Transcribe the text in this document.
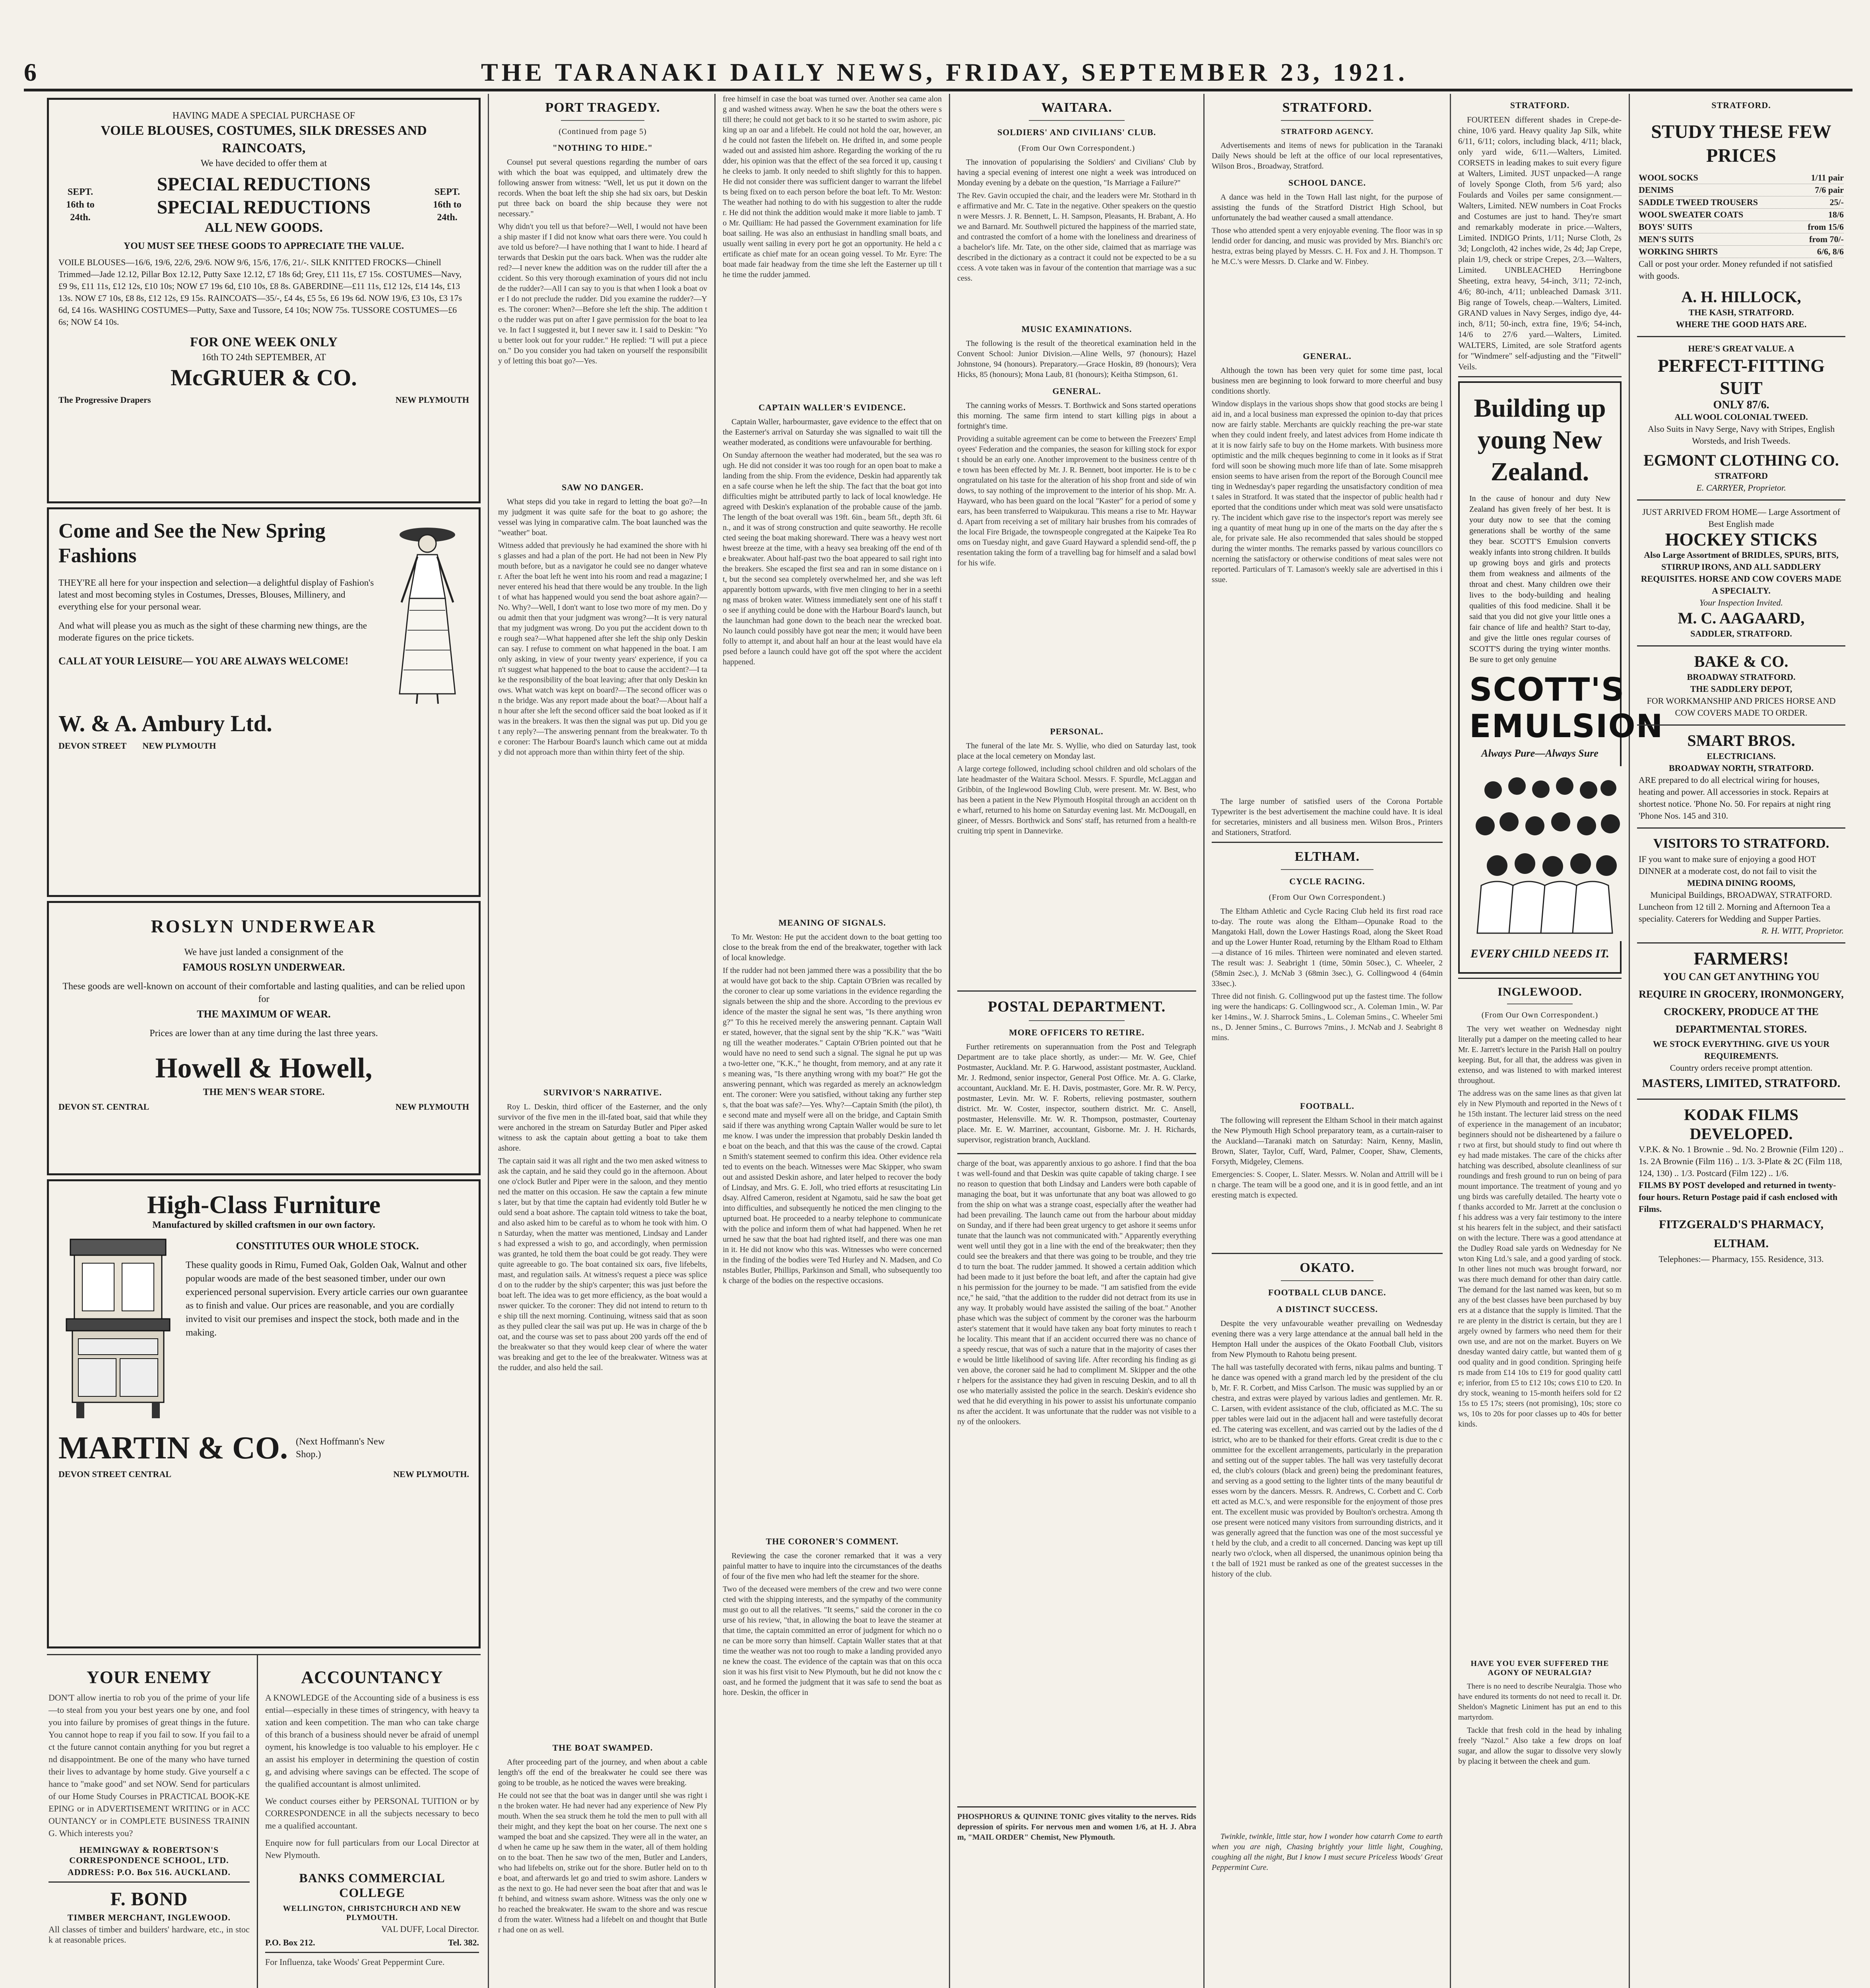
6	THE TARANAKI DAILY NEWS, FRIDAY, SEPTEMBER 23, 1921.
HAVING MADE A SPECIAL PURCHASE OF
VOILE BLOUSES, COSTUMES, SILK DRESSES AND RAINCOATS,
We have decided to offer them at
SEPT. 16th to 24th.
SPECIAL REDUCTIONS
SPECIAL REDUCTIONS
ALL NEW GOODS.
SEPT. 16th to 24th.
YOU MUST SEE THESE GOODS TO APPRECIATE THE VALUE.
VOILE BLOUSES—16/6, 19/6, 22/6, 29/6. NOW 9/6, 15/6, 17/6, 21/-. SILK KNITTED FROCKS—Chinell Trimmed—Jade 12.12, Pillar Box 12.12, Putty Saxe 12.12, £7 18s 6d; Grey, £11 11s, £7 15s. COSTUMES—Navy, £9 9s, £11 11s, £12 12s, £10 10s; NOW £7 19s 6d, £10 10s, £8 8s. GABERDINE—£11 11s, £12 12s, £14 14s, £13 13s. NOW £7 10s, £8 8s, £12 12s, £9 15s. RAINCOATS—35/-, £4 4s, £5 5s, £6 19s 6d. NOW 19/6, £3 10s, £3 17s 6d, £4 16s. WASHING COSTUMES—Putty, Saxe and Tussore, £4 10s; NOW 75s. TUSSORE COSTUMES—£6 6s; NOW £4 10s.
FOR ONE WEEK ONLY
16th TO 24th SEPTEMBER, AT
McGRUER & CO.
The Progressive Drapers	NEW PLYMOUTH
Come and See the New Spring Fashions
THEY'RE all here for your inspection and selection—a delightful display of Fashion's latest and most becoming styles in Costumes, Dresses, Blouses, Millinery, and everything else for your personal wear.
And what will please you as much as the sight of these charming new things, are the moderate figures on the price tickets.
CALL AT YOUR LEISURE— YOU ARE ALWAYS WELCOME!
W. & A. Ambury Ltd.
DEVON STREET NEW PLYMOUTH
ROSLYN UNDERWEAR
We have just landed a consignment of the
FAMOUS ROSLYN UNDERWEAR.
These goods are well-known on account of their comfortable and lasting qualities, and can be relied upon for
THE MAXIMUM OF WEAR.
Prices are lower than at any time during the last three years.
Howell & Howell,
THE MEN'S WEAR STORE.
DEVON ST. CENTRAL	NEW PLYMOUTH
High-Class Furniture
Manufactured by skilled craftsmen in our own factory.
CONSTITUTES OUR WHOLE STOCK.
These quality goods in Rimu, Fumed Oak, Golden Oak, Walnut and other popular woods are made of the best seasoned timber, under our own experienced personal supervision. Every article carries our own guarantee as to finish and value. Our prices are reasonable, and you are cordially invited to visit our premises and inspect the stock, both made and in the making.
MARTIN & CO. (Next Hoffmann's New Shop.)
DEVON STREET CENTRAL	NEW PLYMOUTH.
YOUR ENEMY
DON'T allow inertia to rob you of the prime of your life—to steal from you your best years one by one, and fool you into failure by promises of great things in the future. You cannot hope to reap if you fail to sow. If you fail to act the future cannot contain anything for you but regret and disappointment. Be one of the many who have turned their lives to advantage by home study. Give yourself a chance to "make good" and set NOW. Send for particulars of our Home Study Courses in PRACTICAL BOOK-KEEPING or in ADVERTISEMENT WRITING or in ACCOUNTANCY or in COMPLETE BUSINESS TRAINING. Which interests you?
HEMINGWAY & ROBERTSON'S CORRESPONDENCE SCHOOL, LTD.
ADDRESS: P.O. Box 516. AUCKLAND.
F. BOND
TIMBER MERCHANT, INGLEWOOD.
All classes of timber and builders' hardware, etc., in stock at reasonable prices.
ACCOUNTANCY
A KNOWLEDGE of the Accounting side of a business is essential—especially in these times of stringency, with heavy taxation and keen competition. The man who can take charge of this branch of a business should never be afraid of unemployment, his knowledge is too valuable to his employer. He can assist his employer in determining the question of costing, and advising where savings can be effected. The scope of the qualified accountant is almost unlimited.
We conduct courses either by PERSONAL TUITION or by CORRESPONDENCE in all the subjects necessary to become a qualified accountant.
Enquire now for full particulars from our Local Director at New Plymouth.
BANKS COMMERCIAL COLLEGE
WELLINGTON, CHRISTCHURCH AND NEW PLYMOUTH.
VAL DUFF, Local Director.
P.O. Box 212.	Tel. 382.
For Influenza, take Woods' Great Peppermint Cure.
PORT TRAGEDY.
(Continued from page 5)
"NOTHING TO HIDE."

Counsel put several questions regarding the number of oars with which the boat was equipped, and ultimately drew the following answer from witness: "Well, let us put it down on the records. When the boat left the ship she had six oars, but Deskin put three back on board the ship because they were not necessary."

Why didn't you tell us that before?—Well, I would not have been a ship master if I did not know what oars there were. You could have told us before?—I have nothing that I want to hide. I heard afterwards that Deskin put the oars back. When was the rudder altered?—I never knew the addition was on the rudder till after the accident. So this very thorough examination of yours did not include the rudder?—All I can say to you is that when I look a boat over I do not preclude the rudder. Did you examine the rudder?—Yes. The coroner: When?—Before she left the ship. The addition to the rudder was put on after I gave permission for the boat to leave. In fact I suggested it, but I never saw it. I said to Deskin: "You better look out for your rudder." He replied: "I will put a piece on." Do you consider you had taken on yourself the responsibility of letting this boat go?—Yes.
SAW NO DANGER.

What steps did you take in regard to letting the boat go?—In my judgment it was quite safe for the boat to go ashore; the vessel was lying in comparative calm. The boat launched was the "weather" boat.

Witness added that previously he had examined the shore with his glasses and had a plan of the port. He had not been in New Plymouth before, but as a navigator he could see no danger whatever. After the boat left he went into his room and read a magazine; I never entered his head that there would be any trouble. In the light of what has happened would you send the boat ashore again?—No. Why?—Well, I don't want to lose two more of my men. Do you admit then that your judgment was wrong?—It is very natural that my judgment was wrong. Do you put the accident down to the rough sea?—What happened after she left the ship only Deskin can say. I refuse to comment on what happened in the boat. I am only asking, in view of your twenty years' experience, if you can't suggest what happened to the boat to cause the accident?—I take the responsibility of the boat leaving; after that only Deskin knows. What watch was kept on board?—The second officer was on the bridge. Was any report made about the boat?—About half an hour after she left the second officer said the boat looked as if it was in the breakers. It was then the signal was put up. Did you get any reply?—The answering pennant from the breakwater. To the coroner: The Harbour Board's launch which came out at midday did not approach more than within thirty feet of the ship.
SURVIVOR'S NARRATIVE.

Roy L. Deskin, third officer of the Easterner, and the only survivor of the five men in the ill-fated boat, said that while they were anchored in the stream on Saturday Butler and Piper asked witness to ask the captain about getting a boat to take them ashore.

The captain said it was all right and the two men asked witness to ask the captain, and he said they could go in the afternoon. About one o'clock Butler and Piper were in the saloon, and they mentioned the matter on this occasion. He saw the captain a few minutes later, but by that time the captain had evidently told Butler he would send a boat ashore. The captain told witness to take the boat, and also asked him to be careful as to whom he took with him. On Saturday, when the matter was mentioned, Lindsay and Landers had expressed a wish to go, and accordingly, when permission was granted, he told them the boat could be got ready. They were quite agreeable to go. The boat contained six oars, five lifebelts, mast, and regulation sails. At witness's request a piece was spliced on to the rudder by the ship's carpenter; this was just before the boat left. The idea was to get more efficiency, as the boat would answer quicker. To the coroner: They did not intend to return to the ship till the next morning. Continuing, witness said that as soon as they pulled clear the sail was put up. He was in charge of the boat, and the course was set to pass about 200 yards off the end of the breakwater so that they would keep clear of where the water was breaking and get to the lee of the breakwater. Witness was at the rudder, and also held the sail.
THE BOAT SWAMPED.

After proceeding part of the journey, and when about a cable length's off the end of the breakwater he could see there was going to be trouble, as he noticed the waves were breaking.

He could not see that the boat was in danger until she was right in the broken water. He had never had any experience of New Plymouth. When the sea struck them he told the men to pull with all their might, and they kept the boat on her course. The next one swamped the boat and she capsized. They were all in the water, and when he came up he saw them in the water, all of them holding on to the boat. Then he saw two of the men, Butler and Landers, who had lifebelts on, strike out for the shore. Butler held on to the boat, and afterwards let go and tried to swim ashore. Landers was the next to go. He had never seen the boat after that and was left behind, and witness swam ashore. Witness was the only one who reached the breakwater. He swam to the shore and was rescued from the water. Witness had a lifebelt on and thought that Butler had one on as well.
free himself in case the boat was turned over. Another sea came along and washed witness away. When he saw the boat the others were still there; he could not get back to it so he started to swim ashore, picking up an oar and a lifebelt. He could not hold the oar, however, and he could not fasten the lifebelt on. He drifted in, and some people waded out and assisted him ashore. Regarding the working of the rudder, his opinion was that the effect of the sea forced it up, causing the cleeks to jamb. It only needed to shift slightly for this to happen. He did not consider there was sufficient danger to warrant the lifebelts being fixed on to each person before the boat left. To Mr. Weston: The weather had nothing to do with his suggestion to alter the rudder. He did not think the addition would make it more liable to jamb. To Mr. Quilliam: He had passed the Government examination for lifeboat sailing. He was also an enthusiast in handling small boats, and usually went sailing in every port he got an opportunity. He held a certificate as chief mate for an ocean going vessel. To Mr. Eyre: The boat made fair headway from the time she left the Easterner up till the time the rudder jammed.
CAPTAIN WALLER'S EVIDENCE.

Captain Waller, harbourmaster, gave evidence to the effect that on the Easterner's arrival on Saturday she was signalled to wait till the weather moderated, as conditions were unfavourable for berthing.

On Sunday afternoon the weather had moderated, but the sea was rough. He did not consider it was too rough for an open boat to make a landing from the ship. From the evidence, Deskin had apparently taken a safe course when he left the ship. The fact that the boat got into difficulties might be attributed partly to lack of local knowledge. He agreed with Deskin's explanation of the probable cause of the jamb. The length of the boat overall was 19ft. 6in., beam 5ft., depth 3ft. 6in., and it was of strong construction and quite seaworthy. He recollected seeing the boat making shoreward. There was a heavy west northwest breeze at the time, with a heavy sea breaking off the end of the breakwater. About half-past two the boat appeared to sail right into the breakers. She escaped the first sea and ran in some distance on it, but the second sea completely overwhelmed her, and she was left apparently bottom upwards, with five men clinging to her in a seething mass of broken water. Witness immediately sent one of his staff to see if anything could be done with the Harbour Board's launch, but the launchman had gone down to the beach near the wrecked boat. No launch could possibly have got near the men; it would have been folly to attempt it, and about half an hour at the least would have elapsed before a launch could have got off the spot where the accident happened.
MEANING OF SIGNALS.

To Mr. Weston: He put the accident down to the boat getting too close to the break from the end of the breakwater, together with lack of local knowledge.

If the rudder had not been jammed there was a possibility that the boat would have got back to the ship. Captain O'Brien was recalled by the coroner to clear up some variations in the evidence regarding the signals between the ship and the shore. According to the previous evidence of the master the signal he sent was, "Is there anything wrong?" To this he received merely the answering pennant. Captain Waller stated, however, that the signal sent by the ship "K.K." was "Waiting till the weather moderates." Captain O'Brien pointed out that he would have no need to send such a signal. The signal he put up was a two-letter one, "K.K.," he thought, from memory, and at any rate its meaning was, "Is there anything wrong with my boat?" He got the answering pennant, which was regarded as merely an acknowledgment. The coroner: Were you satisfied, without taking any further steps, that the boat was safe?—Yes. Why?—Captain Smith (the pilot), the second mate and myself were all on the bridge, and Captain Smith said if there was anything wrong Captain Waller would be sure to let me know. I was under the impression that probably Deskin landed the boat on the beach, and that this was the cause of the crowd. Captain Smith's statement seemed to confirm this idea. Other evidence related to events on the beach. Witnesses were Mac Skipper, who swam out and assisted Deskin ashore, and later helped to recover the body of Lindsay, and Mrs. G. E. Joll, who tried efforts at resuscitating Lindsay. Alfred Cameron, resident at Ngamotu, said he saw the boat get into difficulties, and subsequently he noticed the men clinging to the upturned boat. He proceeded to a nearby telephone to communicate with the police and inform them of what had happened. When he returned he saw that the boat had righted itself, and there was one man in it. He did not know who this was. Witnesses who were concerned in the finding of the bodies were Ted Hurley and N. Madsen, and Constables Butler, Phillips, Parkinson and Small, who subsequently took charge of the bodies on the respective occasions.
THE CORONER'S COMMENT.

Reviewing the case the coroner remarked that it was a very painful matter to have to inquire into the circumstances of the deaths of four of the five men who had left the steamer for the shore.

Two of the deceased were members of the crew and two were connected with the shipping interests, and the sympathy of the community must go out to all the relatives. "It seems," said the coroner in the course of his review, "that, in allowing the boat to leave the steamer at that time, the captain committed an error of judgment for which no one can be more sorry than himself. Captain Waller states that at that time the weather was not too rough to make a landing provided anyone knew the coast. The evidence of the captain was that on this occasion it was his first visit to New Plymouth, but he did not know the coast, and he formed the judgment that it was safe to send the boat ashore. Deskin, the officer in
WAITARA.
SOLDIERS' AND CIVILIANS' CLUB.
(From Our Own Correspondent.)

The innovation of popularising the Soldiers' and Civilians' Club by having a special evening of interest one night a week was introduced on Monday evening by a debate on the question, "Is Marriage a Failure?"

The Rev. Gavin occupied the chair, and the leaders were Mr. Stothard in the affirmative and Mr. C. Tate in the negative. Other speakers on the question were Messrs. J. R. Bennett, L. H. Sampson, Pleasants, H. Brabant, A. Howe and Barnard. Mr. Southwell pictured the happiness of the married state, and contrasted the comfort of a home with the loneliness and dreariness of a bachelor's life. Mr. Tate, on the other side, claimed that as marriage was described in the dictionary as a contract it could not be expected to be a success. A vote taken was in favour of the contention that marriage was a success.
MUSIC EXAMINATIONS.

The following is the result of the theoretical examination held in the Convent School: Junior Division.—Aline Wells, 97 (honours); Hazel Johnstone, 94 (honours). Preparatory.—Grace Hoskin, 89 (honours); Vera Hicks, 85 (honours); Mona Laub, 81 (honours); Keitha Stimpson, 61.

GENERAL.

The canning works of Messrs. T. Borthwick and Sons started operations this morning. The same firm intend to start killing pigs in about a fortnight's time.

Providing a suitable agreement can be come to between the Freezers' Employees' Federation and the companies, the season for killing stock for export should be an early one. Another improvement to the business centre of the town has been effected by Mr. J. R. Bennett, boot importer. He is to be congratulated on his taste for the alteration of his shop front and side of windows, to say nothing of the improvement to the interior of his shop. Mr. A. Hayward, who has been guard on the local "Kaster" for a period of some years, has been transferred to Waipukurau. This means a rise to Mr. Hayward. Apart from receiving a set of military hair brushes from his comrades of the local Fire Brigade, the townspeople congregated at the Kaipeke Tea Rooms on Tuesday night, and gave Guard Hayward a splendid send-off, the presentation taking the form of a travelling bag for himself and a salad bowl for his wife.
PERSONAL.

The funeral of the late Mr. S. Wyllie, who died on Saturday last, took place at the local cemetery on Monday last.

A large cortege followed, including school children and old scholars of the late headmaster of the Waitara School. Messrs. F. Spurdle, McLaggan and Gribbin, of the Inglewood Bowling Club, were present. Mr. W. Best, who has been a patient in the New Plymouth Hospital through an accident on the wharf, returned to his home on Saturday evening last. Mr. McDougall, engineer, of Messrs. Borthwick and Sons' staff, has returned from a health-recruiting trip spent in Dannevirke.
POSTAL DEPARTMENT.
MORE OFFICERS TO RETIRE.

Further retirements on superannuation from the Post and Telegraph Department are to take place shortly, as under:— Mr. W. Gee, Chief Postmaster, Auckland. Mr. P. G. Harwood, assistant postmaster, Auckland. Mr. J. Redmond, senior inspector, General Post Office. Mr. A. G. Clarke, accountant, Auckland. Mr. E. H. Davis, postmaster, Gore. Mr. R. W. Percy, postmaster, Levin. Mr. W. F. Roberts, relieving postmaster, southern district. Mr. W. Coster, inspector, southern district. Mr. C. Ansell, postmaster, Helensville. Mr. W. R. Thompson, postmaster, Courtenay place. Mr. E. W. Marriner, accountant, Gisborne. Mr. J. H. Richards, supervisor, registration branch, Auckland.

charge of the boat, was apparently anxious to go ashore. I find that the boat was well-found and that Deskin was quite capable of taking charge. I see no reason to question that both Lindsay and Landers were both capable of managing the boat, but it was unfortunate that any boat was allowed to go from the ship on what was a strange coast, especially after the weather had had been prevailing. The launch came out from the harbour about midday on Sunday, and if there had been great urgency to get ashore it seems unfortunate that the launch was not communicated with." Apparently everything went well until they got in a line with the end of the breakwater; then they could see the breakers and that there was going to be trouble, and they tried to turn the boat. The rudder jammed. It showed a certain addition which had been made to it just before the boat left, and after the captain had given his permission for the journey to be made. "I am satisfied from the evidence," he said, "that the addition to the rudder did not detract from its use in any way. It probably would have assisted the sailing of the boat." Another phase which was the subject of comment by the coroner was the harbourmaster's statement that it would have taken any boat forty minutes to reach the locality. This meant that if an accident occurred there was no chance of a speedy rescue, that was of such a nature that in the majority of cases there would be little likelihood of saving life. After recording his finding as given above, the coroner said he had to compliment M. Skipper and the other helpers for the assistance they had given in rescuing Deskin, and to all those who materially assisted the police in the search. Deskin's evidence showed that he did everything in his power to assist his unfortunate companions after the accident. It was unfortunate that the rudder was not visible to any of the onlookers.
PHOSPHORUS & QUININE TONIC gives vitality to the nerves. Rids depression of spirits. For nervous men and women 1/6, at H. J. Abram, "MAIL ORDER" Chemist, New Plymouth.
STRATFORD.
STRATFORD AGENCY.

Advertisements and items of news for publication in the Taranaki Daily News should be left at the office of our local representatives, Wilson Bros., Broadway, Stratford.

SCHOOL DANCE.

A dance was held in the Town Hall last night, for the purpose of assisting the funds of the Stratford District High School, but unfortunately the bad weather caused a small attendance.

Those who attended spent a very enjoyable evening. The floor was in splendid order for dancing, and music was provided by Mrs. Bianchi's orchestra, extras being played by Messrs. C. H. Fox and J. H. Thompson. The M.C.'s were Messrs. D. Clarke and W. Finbey.
GENERAL.

Although the town has been very quiet for some time past, local business men are beginning to look forward to more cheerful and busy conditions shortly.

Window displays in the various shops show that good stocks are being laid in, and a local business man expressed the opinion to-day that prices now are fairly stable. Merchants are quickly reaching the pre-war state when they could indent freely, and latest advices from Home indicate that it is now fairly safe to buy on the Home markets. With business more optimistic and the milk cheques beginning to come in it looks as if Stratford will soon be showing much more life than of late. Some misapprehension seems to have arisen from the report of the Borough Council meeting in Wednesday's paper regarding the unsatisfactory condition of meat sales in Stratford. It was stated that the inspector of public health had reported that the conditions under which meat was sold were unsatisfactory. The incident which gave rise to the inspector's report was merely seeing a quantity of meat hung up in one of the marts on the day after the sale, for private sale. He also recommended that sales should be stopped during the winter months. The remarks passed by various councillors concerning the satisfactory or otherwise conditions of meat sales were not reported. Particulars of T. Lamason's weekly sale are advertised in this issue.

The large number of satisfied users of the Corona Portable Typewriter is the best advertisement the machine could have. It is ideal for secretaries, ministers and all business men. Wilson Bros., Printers and Stationers, Stratford.

ELTHAM.
CYCLE RACING.
(From Our Own Correspondent.)

The Eltham Athletic and Cycle Racing Club held its first road race to-day. The route was along the Eltham—Opunake Road to the Mangatoki Hall, down the Lower Hastings Road, along the Skeet Road and up the Lower Hunter Road, returning by the Eltham Road to Eltham—a distance of 16 miles. Thirteen were nominated and eleven started. The result was: J. Seabright 1 (time, 50min 50sec.), C. Wheeler, 2 (58min 2sec.), J. McNab 3 (68min 3sec.), G. Collingwood 4 (64min 33sec.).

Three did not finish. G. Collingwood put up the fastest time. The following were the handicaps: G. Collingwood scr., A. Coleman 1min., W. Parker 14mins., W. J. Sharrock 5mins., L. Coleman 5mins., C. Wheeler 5mins., D. Jenner 5mins., C. Burrows 7mins., J. McNab and J. Seabright 8mins.
FOOTBALL.

The following will represent the Eltham School in their match against the New Plymouth High School preparatory team, as a curtain-raiser to the Auckland—Taranaki match on Saturday: Nairn, Kenny, Maslin, Brown, Slater, Taylor, Cuff, Ward, Palmer, Cooper, Shaw, Clements, Forsyth, Midgeley, Clemens.

Emergencies: S. Cooper, L. Slater. Messrs. W. Nolan and Attrill will be in charge. The team will be a good one, and it is in good fettle, and an interesting match is expected.
OKATO.
FOOTBALL CLUB DANCE.
A DISTINCT SUCCESS.

Despite the very unfavourable weather prevailing on Wednesday evening there was a very large attendance at the annual ball held in the Hempton Hall under the auspices of the Okato Football Club, visitors from New Plymouth to Rahotu being present.

The hall was tastefully decorated with ferns, nikau palms and bunting. The dance was opened with a grand march led by the president of the club, Mr. F. R. Corbett, and Miss Carlson. The music was supplied by an orchestra, and extras were played by various ladies and gentlemen. Mr. R. C. Larsen, with evident assistance of the club, officiated as M.C. The supper tables were laid out in the adjacent hall and were tastefully decorated. The catering was excellent, and was carried out by the ladies of the district, who are to be thanked for their efforts. Great credit is due to the committee for the excellent arrangements, particularly in the preparation and setting out of the supper tables. The hall was very tastefully decorated, the club's colours (black and green) being the predominant features, and serving as a good setting to the lighter tints of the many beautiful dresses worn by the dancers. Messrs. R. Andrews, C. Corbett and C. Corbett acted as M.C.'s, and were responsible for the enjoyment of those present. The excellent music was provided by Boulton's orchestra. Among those present were noticed many visitors from surrounding districts, and it was generally agreed that the function was one of the most successful yet held by the club, and a credit to all concerned. Dancing was kept up till nearly two o'clock, when all dispersed, the unanimous opinion being that the ball of 1921 must be ranked as one of the greatest successes in the history of the club.

Twinkle, twinkle, little star, how I wonder how catarrh Come to earth when you are nigh, Chasing brightly your little light, Coughing, coughing all the night, But I know I must secure Priceless Woods' Great Peppermint Cure.

STRATFORD.

FOURTEEN different shades in Crepe-de-chine, 10/6 yard. Heavy quality Jap Silk, white 6/11, 6/11; colors, including black, 4/11; black, only yard wide, 6/11.—Walters, Limited. CORSETS in leading makes to suit every figure at Walters, Limited. JUST unpacked—A range of lovely Sponge Cloth, from 5/6 yard; also Foulards and Voiles per same consignment.—Walters, Limited. NEW numbers in Coat Frocks and Costumes are just to hand. They're smart and remarkably moderate in price.—Walters, Limited. INDIGO Prints, 1/11; Nurse Cloth, 2s 3d; Longcloth, 42 inches wide, 2s 4d; Jap Crepe, plain 1/9, check or stripe Crepes, 2/3.—Walters, Limited. UNBLEACHED Herringbone Sheeting, extra heavy, 54-inch, 3/11; 72-inch, 4/6; 80-inch, 4/11; unbleached Damask 3/11. Big range of Towels, cheap.—Walters, Limited. GRAND values in Navy Serges, indigo dye, 44-inch, 8/11; 50-inch, extra fine, 19/6; 54-inch, 14/6 to 27/6 yard.—Walters, Limited. WALTERS, Limited, are sole Stratford agents for "Windmere" self-adjusting and the "Fitwell" Veils.

Building up young New Zealand.
In the cause of honour and duty New Zealand has given freely of her best. It is your duty now to see that the coming generations shall be worthy of the same they bear. SCOTT'S Emulsion converts weakly infants into strong children. It builds up growing boys and girls and protects them from weakness and ailments of the throat and chest. Many children owe their lives to the body-building and healing qualities of this food medicine. Shall it be said that you did not give your little ones a fair chance of life and health? Start to-day, and give the little ones regular courses of SCOTT'S during the trying winter months. Be sure to get only genuine
SCOTT'S
EMULSION
Always Pure—Always Sure
EVERY CHILD NEEDS IT.
INGLEWOOD.
(From Our Own Correspondent.)

The very wet weather on Wednesday night literally put a damper on the meeting called to hear Mr. E. Jarrett's lecture in the Parish Hall on poultry keeping. But, for all that, the address was given in extenso, and was listened to with marked interest throughout.

The address was on the same lines as that given lately in New Plymouth and reported in the News of the 15th instant. The lecturer laid stress on the need of experience in the management of an incubator; beginners should not be disheartened by a failure or two at first, but should study to find out where they had made mistakes. The care of the chicks after hatching was described, absolute cleanliness of surroundings and fresh ground to run on being of paramount importance. The treatment of young and young birds was carefully detailed. The hearty vote of thanks accorded to Mr. Jarrett at the conclusion of his address was a very fair testimony to the interest his hearers felt in the subject, and their satisfaction with the lecture. There was a good attendance at the Dudley Road sale yards on Wednesday for Newton King Ltd.'s sale, and a good yarding of stock. In other lines not much was brought forward, nor was there much demand for other than dairy cattle. The demand for the last named was keen, but so many of the best classes have been purchased by buyers at a distance that the supply is limited. That there are plenty in the district is certain, but they are largely owned by farmers who need them for their own use, and are not on the market. Buyers on Wednesday wanted dairy cattle, but wanted them of good quality and in good condition. Springing heifers made from £14 10s to £19 for good quality cattle; inferior, from £5 to £12 10s; cows £10 to £20. In dry stock, weaning to 15-month heifers sold for £2 15s to £5 17s; steers (not promising), 10s; store cows, 10s to 20s for poor classes up to 40s for better kinds.
HAVE YOU EVER SUFFERED THE AGONY OF NEURALGIA?

There is no need to describe Neuralgia. Those who have endured its torments do not need to recall it. Dr. Sheldon's Magnetic Liniment has put an end to this martyrdom.

Tackle that fresh cold in the head by inhaling freely "Nazol." Also take a few drops on loaf sugar, and allow the sugar to dissolve very slowly by placing it between the cheek and gum.

STRATFORD.
STUDY THESE FEW PRICES
WOOL SOCKS	1/11 pair
DENIMS	7/6 pair
SADDLE TWEED TROUSERS	25/-
WOOL SWEATER COATS	18/6
BOYS' SUITS	from 15/6
MEN'S SUITS	from 70/-
WORKING SHIRTS	6/6, 8/6
Call or post your order. Money refunded if not satisfied with goods.
A. H. HILLOCK,
THE KASH, STRATFORD.
WHERE THE GOOD HATS ARE.
HERE'S GREAT VALUE. A
PERFECT-FITTING SUIT
ONLY 87/6.
ALL WOOL COLONIAL TWEED.
Also Suits in Navy Serge, Navy with Stripes, English Worsteds, and Irish Tweeds.
EGMONT CLOTHING CO.
STRATFORD
E. CARRYER, Proprietor.
JUST ARRIVED FROM HOME— Large Assortment of Best English made
HOCKEY STICKS
Also Large Assortment of BRIDLES, SPURS, BITS, STIRRUP IRONS, AND ALL SADDLERY REQUISITES. HORSE AND COW COVERS MADE A SPECIALTY.
Your Inspection Invited.
M. C. AAGAARD,
SADDLER, STRATFORD.
BAKE & CO.
BROADWAY STRATFORD.
THE SADDLERY DEPOT,
FOR WORKMANSHIP AND PRICES HORSE AND COW COVERS MADE TO ORDER.
SMART BROS.
ELECTRICIANS.
BROADWAY NORTH, STRATFORD.
ARE prepared to do all electrical wiring for houses, heating and power. All accessories in stock. Repairs at shortest notice. 'Phone No. 50. For repairs at night ring 'Phone Nos. 145 and 310.
VISITORS TO STRATFORD.
IF you want to make sure of enjoying a good HOT DINNER at a moderate cost, do not fail to visit the
MEDINA DINING ROOMS,
Municipal Buildings, BROADWAY, STRATFORD.
Luncheon from 12 till 2. Morning and Afternoon Tea a speciality. Caterers for Wedding and Supper Parties.
R. H. WITT, Proprietor.
FARMERS!
YOU CAN GET ANYTHING YOU REQUIRE IN GROCERY, IRONMONGERY, CROCKERY, PRODUCE AT THE DEPARTMENTAL STORES.
WE STOCK EVERYTHING. GIVE US YOUR REQUIREMENTS.
Country orders receive prompt attention.
MASTERS, LIMITED, STRATFORD.
KODAK FILMS DEVELOPED.
V.P.K. & No. 1 Brownie .. 9d. No. 2 Brownie (Film 120) .. 1s. 2A Brownie (Film 116) .. 1/3. 3-Plate & 2C (Film 118, 124, 130) .. 1/3. Postcard (Film 122) .. 1/6.
FILMS BY POST developed and returned in twenty-four hours. Return Postage paid if cash enclosed with Films.
FITZGERALD'S PHARMACY, ELTHAM.
Telephones:— Pharmacy, 155. Residence, 313.
